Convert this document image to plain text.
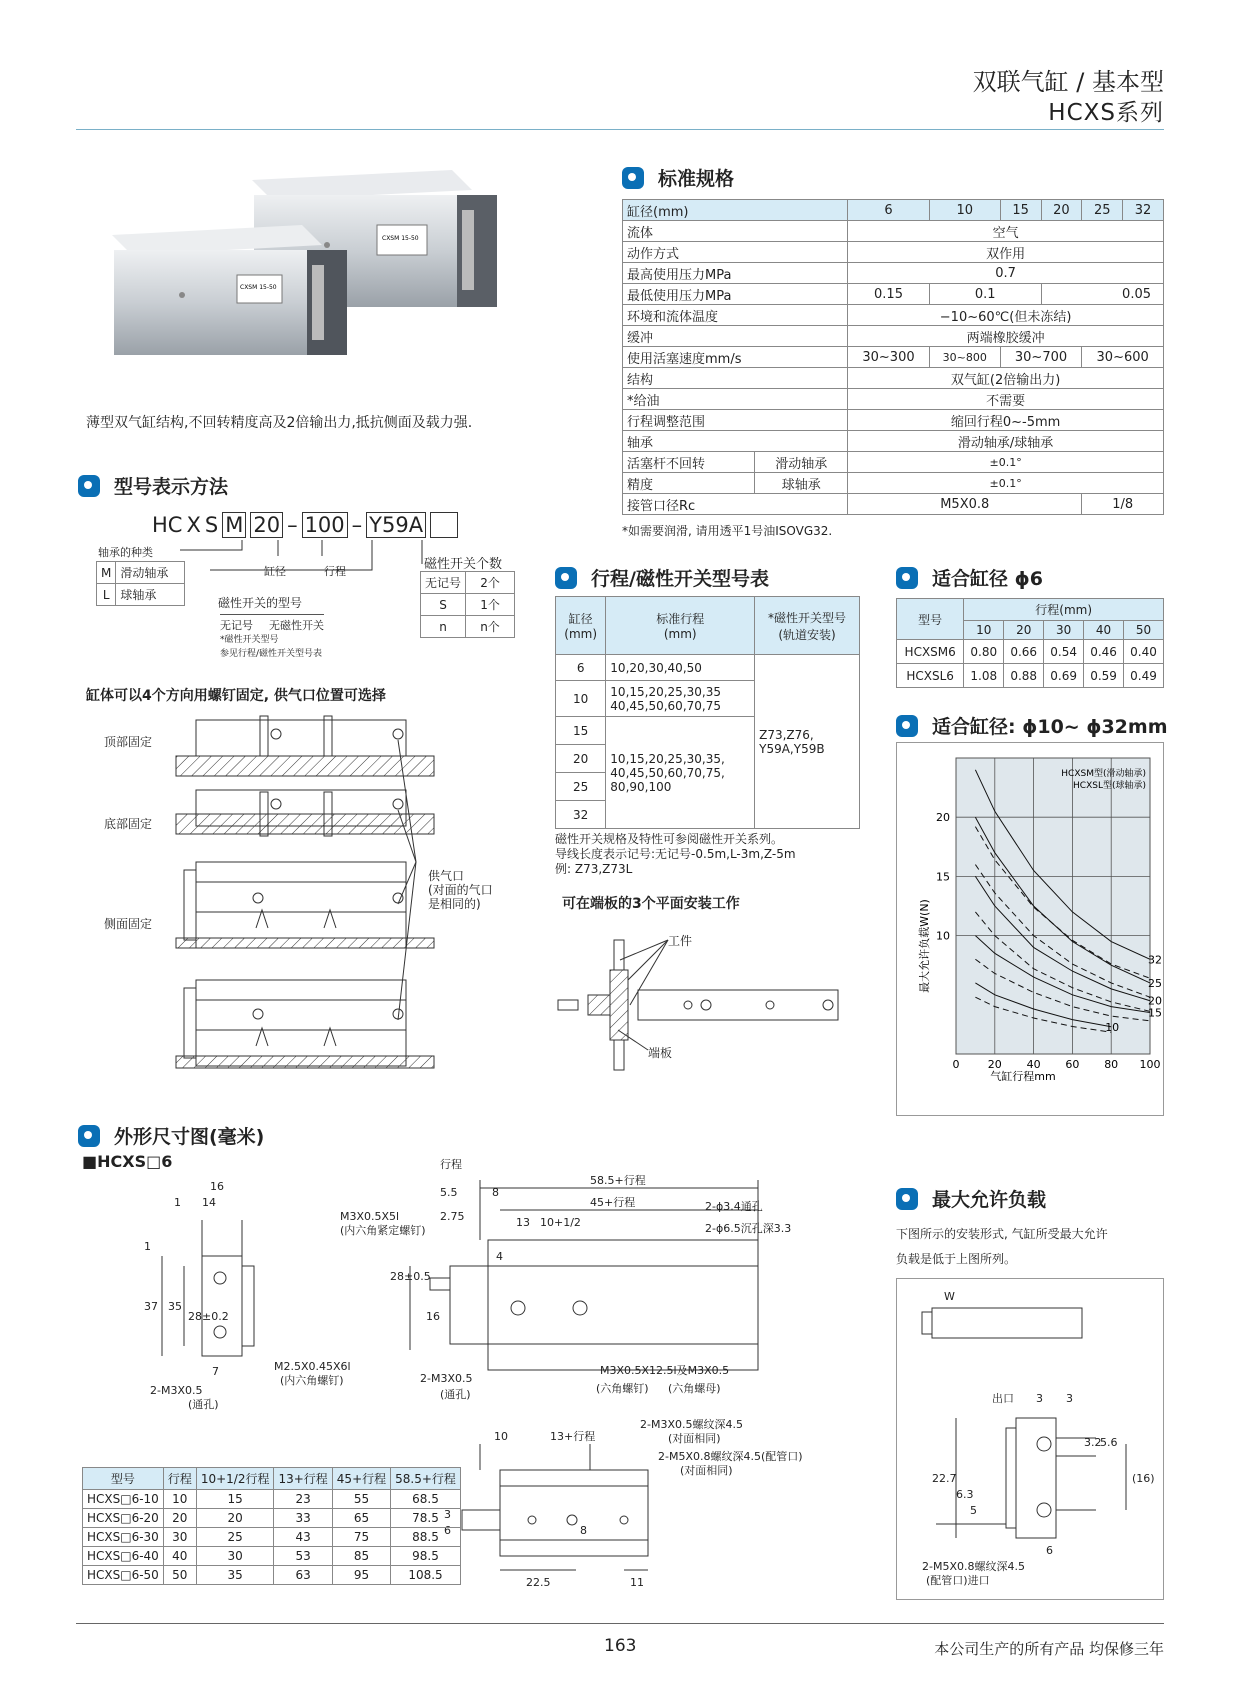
双联气缸 / 基本型
HCXS系列
CXSM 15-50
CXSM 15-50
薄型双气缸结构,不回转精度高及2倍输出力,抵抗侧面及载力强.
标准规格
缸径(mm)		6	10	15	20	25	32
流体		空气					
动作方式		双作用					
最高使用压力MPa		0.7					
最低使用压力MPa		0.15	0.1		0.05		
环境和流体温度		−10~60℃(但未冻结)					
缓冲		两端橡胶缓冲					
使用活塞速度mm/s		30~300	30~800	30~700		30~600	
结构		双气缸(2倍输出力)					
*给油		不需要					
行程调整范围		缩回行程0~-5mm					
轴承		滑动轴承/球轴承					
活塞杆不回转	滑动轴承	±0.1°					
精度	球轴承	±0.1°					
接管口径Rc		M5X0.8				1/8	
*如需要润滑, 请用透平1号油ISOVG32.
型号表示方法
HC X S M 20 – 100 – Y59A
轴承的种类
M	滑动轴承
L	球轴承
缸径	行程	磁性开关个数
无记号	2个
S	1个
n	n个
磁性开关的型号
无记号 无磁性开关
*磁性开关型号
参见行程/磁性开关型号表
缸体可以4个方向用螺钉固定, 供气口位置可选择
顶部固定
底部固定
侧面固定
供气口
(对面的气口
是相同的)
行程/磁性开关型号表
缸径
(mm)	标准行程
(mm)	*磁性开关型号
(轨道安装)
6	10,20,30,40,50	Z73,Z76,
Y59A,Y59B
10	10,15,20,25,30,35
40,45,50,60,70,75	
15	10,15,20,25,30,35,
40,45,50,60,70,75,
80,90,100	
20		
25		
32		
磁性开关规格及特性可参阅磁性开关系列。
导线长度表示记号:无记号-0.5m,L-3m,Z-5m
例: Z73,Z73L
可在端板的3个平面安装工作
工件
端板
适合缸径 ϕ6
型号	行程(mm)				
	10	20	30	40	50
HCXSM6	0.80	0.66	0.54	0.46	0.40
HCXSL6	1.08	0.88	0.69	0.59	0.49
适合缸径: ϕ10~ ϕ32mm
0	20 40 60 80 100
10
15
20
32
25
20
15
10
HCXSM型(滑动轴承)
HCXSL型(球轴承)
气缸行程mm
最大允许负载W(N)
外形尺寸图(毫米)
■HCXS□6
16
14
1
1
37 35
28±0.2
7
行程
58.5+行程
5.5	8
45+行程
2.75	13 10+1/2
2-ϕ3.4通孔
2-ϕ6.5沉孔深3.3
M3X0.5X5l
(内六角紧定螺钉)
2-M3X0.5
(通孔)
M2.5X0.45X6l
(内六角螺钉)
28±0.5
16
4
2-M3X0.5
(通孔)
M3X0.5X12.5l及M3X0.5
(六角螺钉) (六角螺母)
10	13+行程
2-M3X0.5螺纹深4.5
(对面相同)
2-M5X0.8螺纹深4.5(配管口)
(对面相同)
3
6	8
22.5	11
型号	行程	10+1/2行程	13+行程	45+行程	58.5+行程
HCXS□6-10	10	15	23	55	68.5
HCXS□6-20	20	20	33	65	78.5
HCXS□6-30	30	25	43	75	88.5
HCXS□6-40	40	30	53	85	98.5
HCXS□6-50	50	35	63	95	108.5
最大允许负载
下图所示的安装形式, 气缸所受最大允许
负载是低于上图所列。
W
出口 3 3
3.2
5.6
(16)
22.7
6.3
5
6
2-M5X0.8螺纹深4.5
(配管口)进口
163	本公司生产的所有产品 均保修三年
